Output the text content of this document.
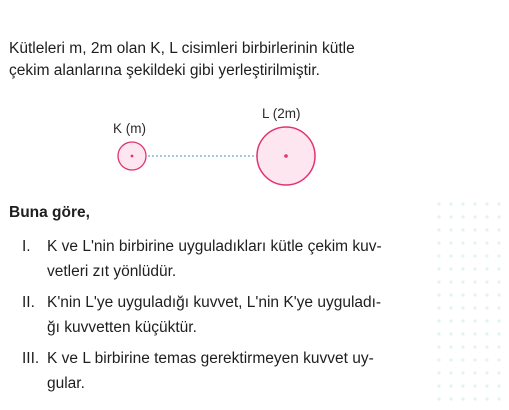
Kütleleri m, 2m olan K, L cisimleri birbirlerinin kütle
çekim alanlarına şekildeki gibi yerleştirilmiştir.
K (m)
L (2m)
Buna göre,
I. K ve L'nin birbirine uyguladıkları kütle çekim kuv-
vetleri zıt yönlüdür.
II. K'nin L'ye uyguladığı kuvvet, L'nin K'ye uyguladı-
ğı kuvvetten küçüktür.
III. K ve L birbirine temas gerektirmeyen kuvvet uy-
gular.
